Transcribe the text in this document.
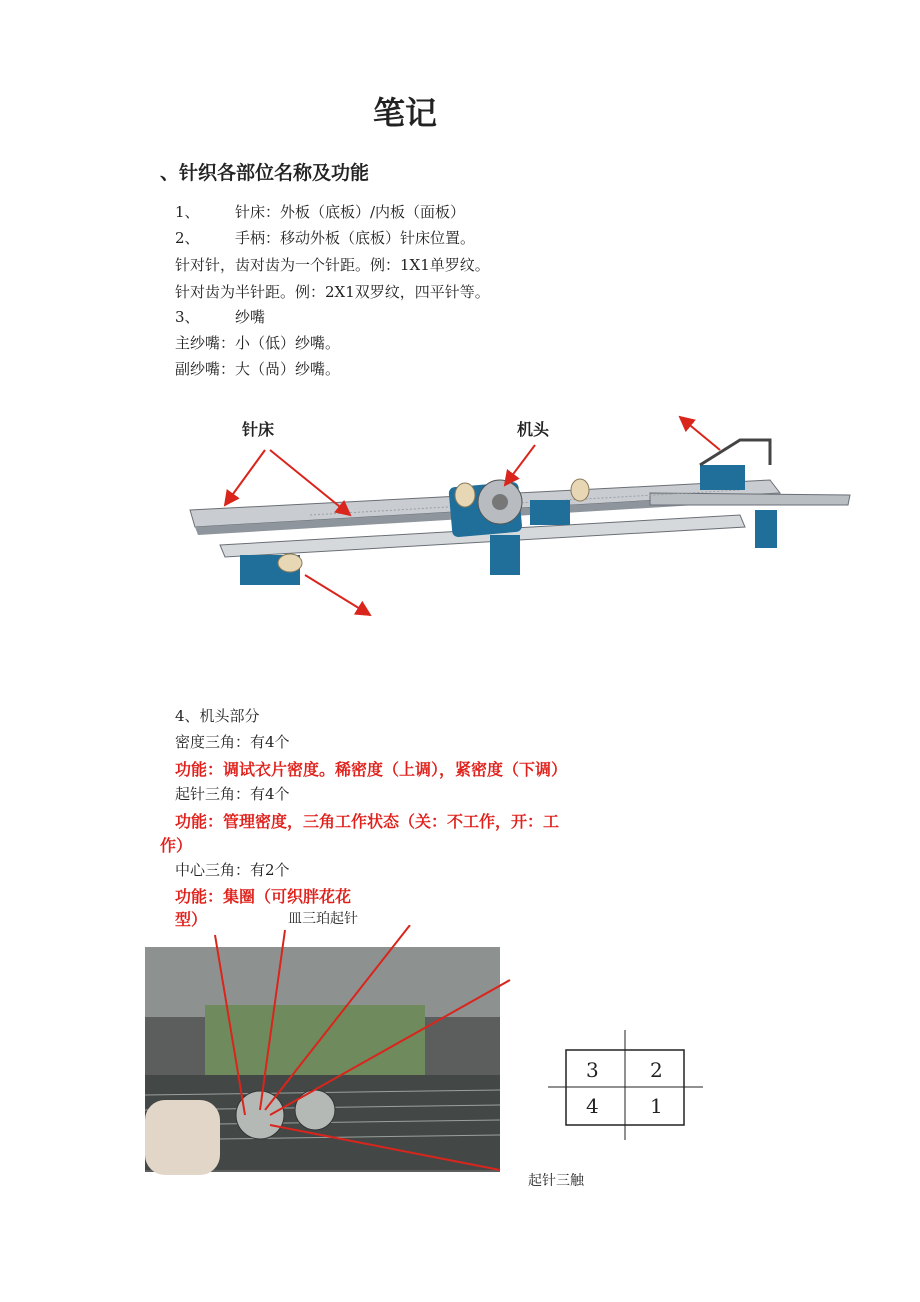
笔记
、针织各部位名称及功能
1、 针床：外板（底板）/内板（面板）
2、 手柄：移动外板（底板）针床位置。
针对针，齿对齿为一个针距。例：1X1单罗纹。
针对齿为半针距。例：2X1双罗纹，四平针等。
3、 纱嘴
主纱嘴：小（低）纱嘴。
副纱嘴：大（咼）纱嘴。
针床	机头
4、机头部分
密度三角：有4个
功能：调试衣片密度。稀密度（上调），紧密度（下调）
起针三角：有4个
功能：管理密度，三角工作状态（关：不工作，开：工
作）
中心三角：有2个
功能：集圈（可织胖花花
型）	皿三珀起针
3	2
4	1
起针三触
